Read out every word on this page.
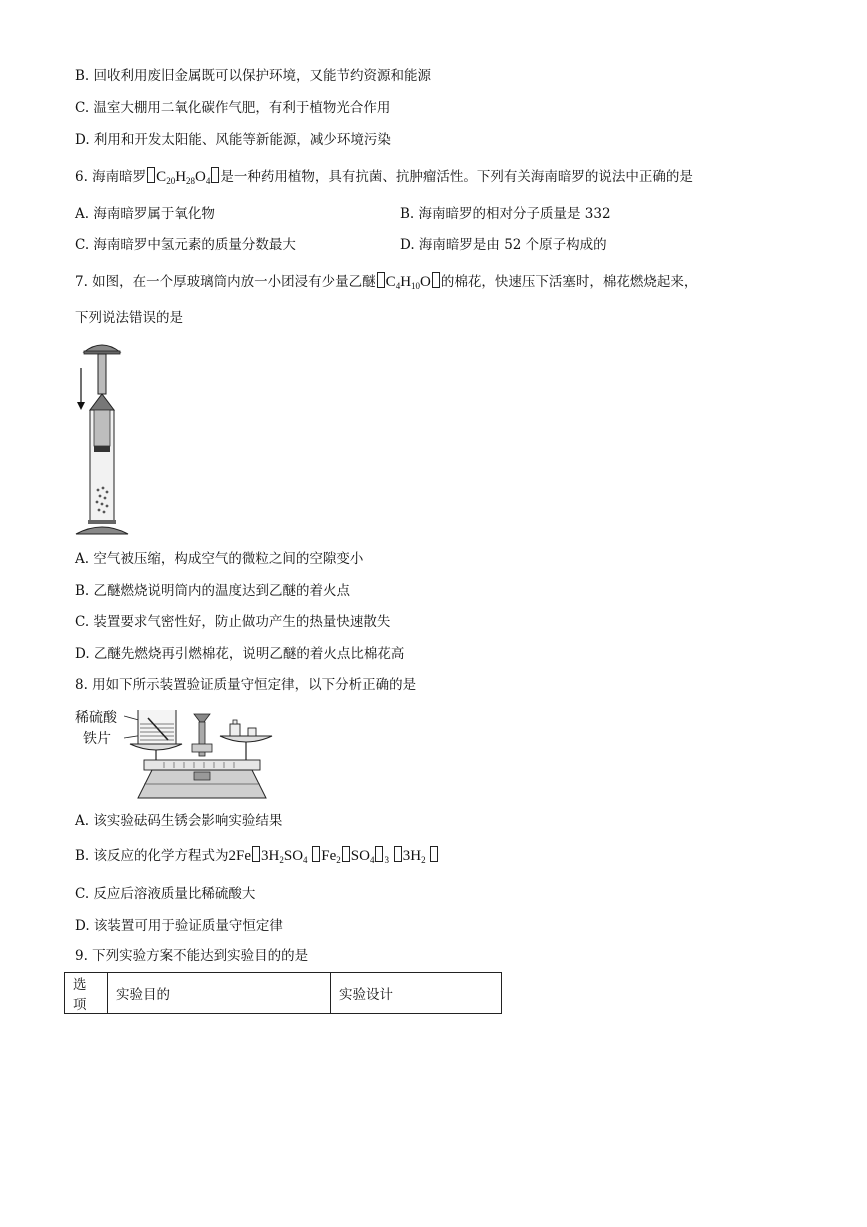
B. 回收利用废旧金属既可以保护环境，又能节约资源和能源
C. 温室大棚用二氧化碳作气肥，有利于植物光合作用
D. 利用和开发太阳能、风能等新能源，减少环境污染
6. 海南暗罗 $C_{20}H_{28}O_4$ 是一种药用植物，具有抗菌、抗肿瘤活性。下列有关海南暗罗的说法中正确的是
A. 海南暗罗属于氧化物	B. 海南暗罗的相对分子质量是 332
C. 海南暗罗中氢元素的质量分数最大	D. 海南暗罗是由 52 个原子构成的
7. 如图，在一个厚玻璃筒内放一小团浸有少量乙醚 $C_4H_{10}O$ 的棉花，快速压下活塞时，棉花燃烧起来，
下列说法错误的是
A. 空气被压缩，构成空气的微粒之间的空隙变小
B. 乙醚燃烧说明筒内的温度达到乙醚的着火点
C. 装置要求气密性好，防止做功产生的热量快速散失
D. 乙醚先燃烧再引燃棉花，说明乙醚的着火点比棉花高
8. 用如下所示装置验证质量守恒定律，以下分析正确的是
稀硫酸
铁片
A. 该实验砝码生锈会影响实验结果
B. 该反应的化学方程式为2Fe $3H_2SO_4$ $Fe_2$ $SO_4$ $_3$ $3H_2$
C. 反应后溶液质量比稀硫酸大
D. 该装置可用于验证质量守恒定律
9. 下列实验方案不能达到实验目的的是
选项	实验目的	实验设计
